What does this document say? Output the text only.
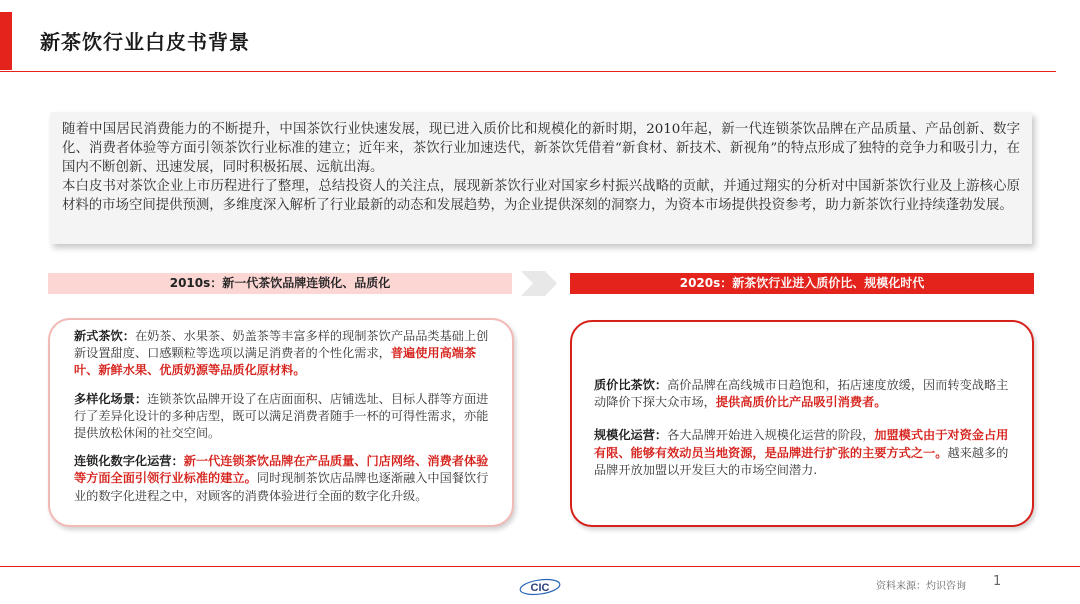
新茶饮行业白皮书背景

随着中国居民消费能力的不断提升，中国茶饮行业快速发展，现已进入质价比和规模化的新时期，2010年起，新一代连锁茶饮品牌在产品质量、产品创新、数字化、消费者体验等方面引领茶饮行业标准的建立；近年来，茶饮行业加速迭代，新茶饮凭借着“新食材、新技术、新视角”的特点形成了独特的竞争力和吸引力，在国内不断创新、迅速发展，同时积极拓展、远航出海。

本白皮书对茶饮企业上市历程进行了整理，总结投资人的关注点，展现新茶饮行业对国家乡村振兴战略的贡献，并通过翔实的分析对中国新茶饮行业及上游核心原材料的市场空间提供预测，多维度深入解析了行业最新的动态和发展趋势，为企业提供深刻的洞察力，为资本市场提供投资参考，助力新茶饮行业持续蓬勃发展。

2010s：新一代茶饮品牌连锁化、品质化	2020s：新茶饮行业进入质价比、规模化时代
新式茶饮：在奶茶、水果茶、奶盖茶等丰富多样的现制茶饮产品品类基础上创新设置甜度、口感颗粒等选项以满足消费者的个性化需求，普遍使用高端茶叶、新鲜水果、优质奶源等品质化原材料。
多样化场景：连锁茶饮品牌开设了在店面面积、店铺选址、目标人群等方面进行了差异化设计的多种店型，既可以满足消费者随手一杯的可得性需求，亦能提供放松休闲的社交空间。
连锁化数字化运营：新一代连锁茶饮品牌在产品质量、门店网络、消费者体验等方面全面引领行业标准的建立。同时现制茶饮店品牌也逐渐融入中国餐饮行业的数字化进程之中，对顾客的消费体验进行全面的数字化升级。
质价比茶饮：高价品牌在高线城市日趋饱和，拓店速度放缓，因而转变战略主动降价下探大众市场，提供高质价比产品吸引消费者。
规模化运营：各大品牌开始进入规模化运营的阶段，加盟模式由于对资金占用有限、能够有效动员当地资源，是品牌进行扩张的主要方式之一。越来越多的品牌开放加盟以开发巨大的市场空间潜力.
CIC	资料来源：灼识咨询 1
